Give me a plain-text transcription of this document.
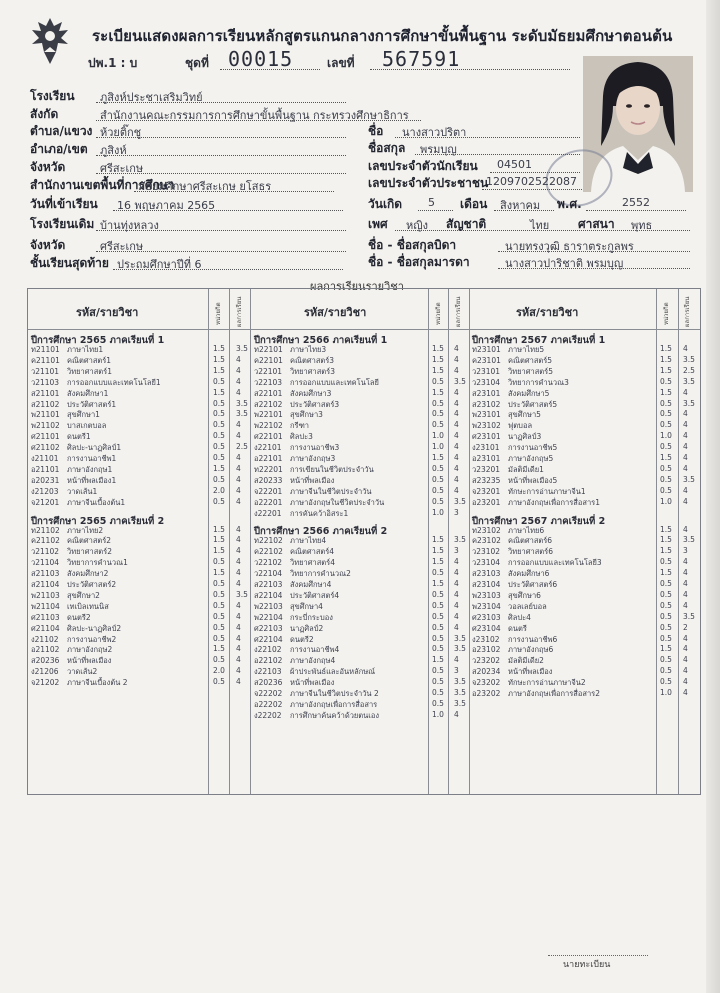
ระเบียนแสดงผลการเรียนหลักสูตรแกนกลางการศึกษาขั้นพื้นฐาน ระดับมัธยมศึกษาตอนต้น
ปพ.1 : บ	ชุดที่ 00015	เลขที่ 567591
โรงเรียน ภูสิงห์ประชาเสริมวิทย์
สังกัด	สำนักงานคณะกรรมการการศึกษาขั้นพื้นฐาน กระทรวงศึกษาธิการ
ตำบล/แขวง ห้วยติ๊กชู
อำเภอ/เขต ภูสิงห์
จังหวัด	ศรีสะเกษ
สำนักงานเขตพื้นที่การศึกษา
มัธยมศึกษาศรีสะเกษ ยโสธร
วันที่เข้าเรียน 16 พฤษภาคม 2565
โรงเรียนเดิม บ้านทุ่งหลวง
จังหวัด	ศรีสะเกษ
ชั้นเรียนสุดท้าย ประถมศึกษาปีที่ 6
ชื่อ นางสาวปริตา
ชื่อสกุล พรมบุญ
เลขประจำตัวนักเรียน 04501
เลขประจำตัวประชาชน
1209702522087
วันเกิด 5 เดือน สิงหาคม พ.ศ.	2552
เพศ หญิง สัญชาติ	ไทย ศาสนา พุทธ
ชื่อ - ชื่อสกุลบิดา	นายทรงวุฒิ ธาราตระกูลพร
ชื่อ - ชื่อสกุลมารดา	นางสาวปาริชาติ พรมบุญ
ผลการเรียนรายวิชา
รหัส/รายวิชา	หน่วยกิต	ผลการเรียน	รหัส/รายวิชา	หน่วยกิต	ผลการเรียน	รหัส/รายวิชา	หน่วยกิต	ผลการเรียน
ปีการศึกษา 2565 ภาคเรียนที่ 1
ท21101 ภาษาไทย1	1.5 3.5
ค21101 คณิตศาสตร์1	1.5 4
ว21101 วิทยาศาสตร์1	1.5 4
ว21103 การออกแบบและเทคโนโลยี1	0.5 4
ส21101 สังคมศึกษา1	1.5 4
ส21102 ประวัติศาสตร์1	0.5 3.5
พ21101 สุขศึกษา1	0.5 3.5
พ21102 บาสเกตบอล	0.5 4
ศ21101 ดนตรี1	0.5 4
ศ21102 ศิลปะ-นาฏศิลป์1	0.5 2.5
ง21101 การงานอาชีพ1	0.5 4
อ21101 ภาษาอังกฤษ1	1.5 4
อ20231 หน้าที่พลเมือง1	0.5 4
ง21203 วาดเส้น1	2.0 4
จ21201 ภาษาจีนเบื้องต้น1	0.5 4
ปีการศึกษา 2565 ภาคเรียนที่ 2
ท21102 ภาษาไทย2	1.5 4
ค21102 คณิตศาสตร์2	1.5 4
ว21102 วิทยาศาสตร์2	1.5 4
ว21104 วิทยาการคำนวณ1	0.5 4
ส21103 สังคมศึกษา2	1.5 4
ส21104 ประวัติศาสตร์2	0.5 4
พ21103 สุขศึกษา2	0.5 3.5
พ21104 เทเบิลเทนนิส	0.5 4
ศ21103 ดนตรี2	0.5 4
ศ21104 ศิลปะ-นาฏศิลป์2	0.5 4
ง21102 การงานอาชีพ2	0.5 4
อ21102 ภาษาอังกฤษ2	1.5 4
ส20236 หน้าที่พลเมือง	0.5 4
ง21206 วาดเส้น2	2.0 4
จ21202 ภาษาจีนเบื้องต้น 2	0.5 4
ปีการศึกษา 2566 ภาคเรียนที่ 1
ท22101 ภาษาไทย3	1.5 4
ค22101 คณิตศาสตร์3	1.5 4
ว22101 วิทยาศาสตร์3	1.5 4
ว22103 การออกแบบและเทคโนโลยี	0.5 3.5
ส22101 สังคมศึกษา3	1.5 4
ส22102 ประวัติศาสตร์3	0.5 4
พ22101 สุขศึกษา3	0.5 4
พ22102 กรีฑา	0.5 4
ศ22101 ศิลปะ3	1.0 4
ง22101 การงานอาชีพ3	1.0 4
อ22101 ภาษาอังกฤษ3	1.5 4
ท22201 การเขียนในชีวิตประจำวัน	0.5 4
ส20233 หน้าที่พลเมือง	0.5 4
จ22201 ภาษาจีนในชีวิตประจำวัน	0.5 4
อ22201 ภาษาอังกฤษในชีวิตประจำวัน	0.5 3.5
ง22201 การคันคว้าอิสระ1	1.0 3
ปีการศึกษา 2566 ภาคเรียนที่ 2
ท22102 ภาษาไทย4	1.5 3.5
ค22102 คณิตศาสตร์4	1.5 3
ว22102 วิทยาศาสตร์4	1.5 4
ว22104 วิทยาการคำนวณ2	0.5 4
ส22103 สังคมศึกษา4	1.5 4
ส22104 ประวัติศาสตร์4	0.5 4
พ22103 สุขศึกษา4	0.5 4
พ22104 กระบี่กระบอง	0.5 4
ศ22103 นาฏศิลป์2	0.5 4
ศ22104 ดนตรี2	0.5 3.5
ง22102 การงานอาชีพ4	0.5 3.5
อ22102 ภาษาอังกฤษ4	1.5 4
ง22103 ผ้าประพันธ์และอันหลักษณ์	0.5 3
ส20236 หน้าที่พลเมือง	0.5 3.5
จ22202 ภาษาจีนในชีวิตประจำวัน 2	0.5 3.5
อ22202 ภาษาอังกฤษเพื่อการสื่อสาร	0.5 3.5
ง22202 การศึกษาค้นคว้าด้วยตนเอง	1.0 4
ปีการศึกษา 2567 ภาคเรียนที่ 1
ท23101 ภาษาไทย5	1.5 4
ค23101 คณิตศาสตร์5	1.5 3.5
ว23101 วิทยาศาสตร์5	1.5 2.5
ว23104 วิทยาการคำนวณ3	0.5 3.5
ส23101 สังคมศึกษา5	1.5 4
ส23102 ประวัติศาสตร์5	0.5 3.5
พ23101 สุขศึกษา5	0.5 4
พ23102 ฟุตบอล	0.5 4
ศ23101 นาฏศิลป์3	1.0 4
ง23101 การงานอาชีพ5	0.5 4
อ23101 ภาษาอังกฤษ5	1.5 4
ว23201 มัลติมีเดีย1	0.5 4
ส23235 หน้าที่พลเมือง5	0.5 3.5
จ23201 ทักษะการอ่านภาษาจีน1	0.5 4
อ23201 ภาษาอังกฤษเพื่อการสื่อสาร1	1.0 4
ปีการศึกษา 2567 ภาคเรียนที่ 2
ท23102 ภาษาไทย6	1.5 4
ค23102 คณิตศาสตร์6	1.5 3.5
ว23102 วิทยาศาสตร์6	1.5 3
ว23104 การออกแบบและเทคโนโลยี3	0.5 4
ส23103 สังคมศึกษา6	1.5 4
ส23104 ประวัติศาสตร์6	0.5 4
พ23103 สุขศึกษา6	0.5 4
พ23104 วอลเลย์บอล	0.5 4
ศ23103 ศิลปะ4	0.5 3.5
ศ23104 ดนตรี	0.5 2
ง23102 การงานอาชีพ6	0.5 4
อ23102 ภาษาอังกฤษ6	1.5 4
ว23202 มัลติมีเดีย2	0.5 4
ส20234 หน้าที่พลเมือง	0.5 4
จ23202 ทักษะการอ่านภาษาจีน2	0.5 4
อ23202 ภาษาอังกฤษเพื่อการสื่อสาร2	1.0 4
นายทะเบียน
